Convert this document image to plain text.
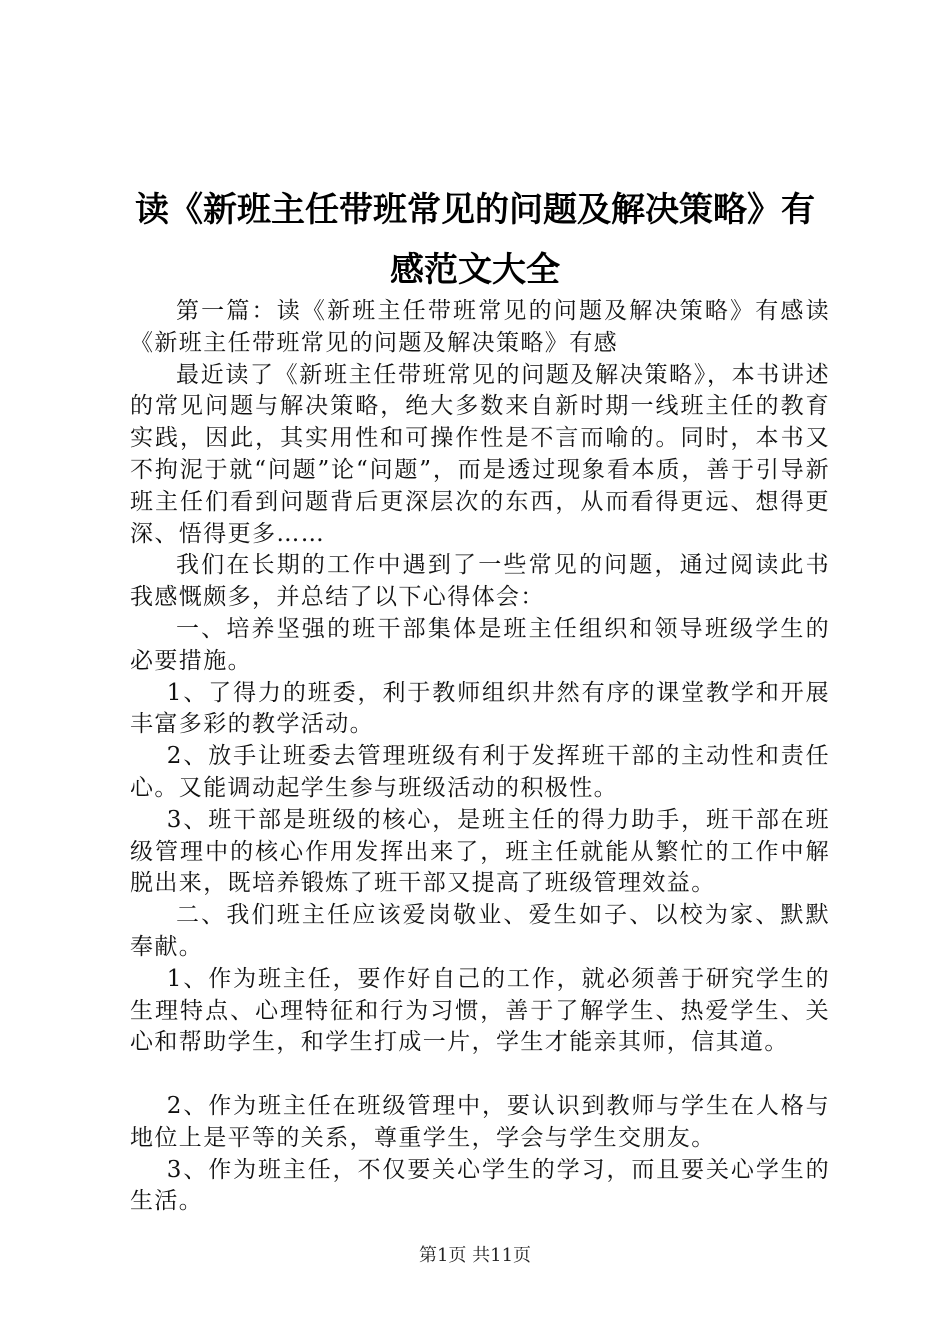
读《新班主任带班常见的问题及解决策略》有
感范文大全

第一篇：读《新班主任带班常见的问题及解决策略》有感读《新班主任带班常见的问题及解决策略》有感

最近读了《新班主任带班常见的问题及解决策略》，本书讲述的常见问题与解决策略，绝大多数来自新时期一线班主任的教育实践，因此，其实用性和可操作性是不言而喻的。同时，本书又不拘泥于就“问题”论“问题”，而是透过现象看本质，善于引导新班主任们看到问题背后更深层次的东西，从而看得更远、想得更深、悟得更多……

我们在长期的工作中遇到了一些常见的问题，通过阅读此书我感慨颇多，并总结了以下心得体会：

一、培养坚强的班干部集体是班主任组织和领导班级学生的必要措施。

1、了得力的班委，利于教师组织井然有序的课堂教学和开展丰富多彩的教学活动。

2、放手让班委去管理班级有利于发挥班干部的主动性和责任心。又能调动起学生参与班级活动的积极性。

3、班干部是班级的核心，是班主任的得力助手，班干部在班级管理中的核心作用发挥出来了，班主任就能从繁忙的工作中解脱出来，既培养锻炼了班干部又提高了班级管理效益。

二、我们班主任应该爱岗敬业、爱生如子、以校为家、默默奉献。

1、作为班主任，要作好自己的工作，就必须善于研究学生的生理特点、心理特征和行为习惯，善于了解学生、热爱学生、关心和帮助学生，和学生打成一片，学生才能亲其师，信其道。

2、作为班主任在班级管理中，要认识到教师与学生在人格与地位上是平等的关系，尊重学生，学会与学生交朋友。

3、作为班主任，不仅要关心学生的学习，而且要关心学生的生活。

第1页 共11页
